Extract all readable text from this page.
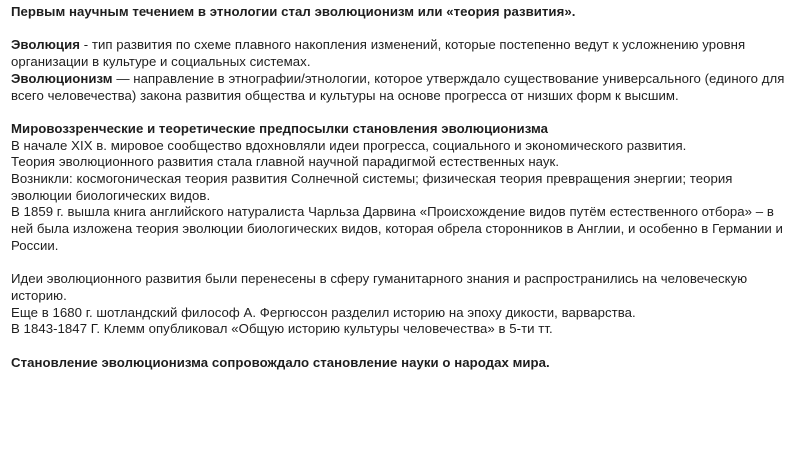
Первым научным течением в этнологии стал эволюционизм или «теория развития».

Эволюция - тип развития по схеме плавного накопления изменений, которые постепенно ведут к усложнению уровня организации в культуре и социальных системах.

Эволюционизм — направление в этнографии/этнологии, которое утверждало существование универсального (единого для всего человечества) закона развития общества и культуры на основе прогресса от низших форм к высшим.

Мировоззренческие и теоретические предпосылки становления эволюционизма

В начале XIX в. мировое сообщество вдохновляли идеи прогресса, социального и экономического развития.

Теория эволюционного развития стала главной научной парадигмой естественных наук.

Возникли: космогоническая теория развития Солнечной системы; физическая теория превращения энергии; теория эволюции биологических видов.

В 1859 г. вышла книга английского натуралиста Чарльза Дарвина «Происхождение видов путём естественного отбора» – в ней была изложена теория эволюции биологических видов, которая обрела сторонников в Англии, и особенно в Германии и России.

Идеи эволюционного развития были перенесены в сферу гуманитарного знания и распространились на человеческую историю.

Еще в 1680 г. шотландский философ А. Фергюссон разделил историю на эпоху дикости, варварства.

В 1843-1847 Г. Клемм опубликовал «Общую историю культуры человечества» в 5-ти тт.

Становление эволюционизма сопровождало становление науки о народах мира.
